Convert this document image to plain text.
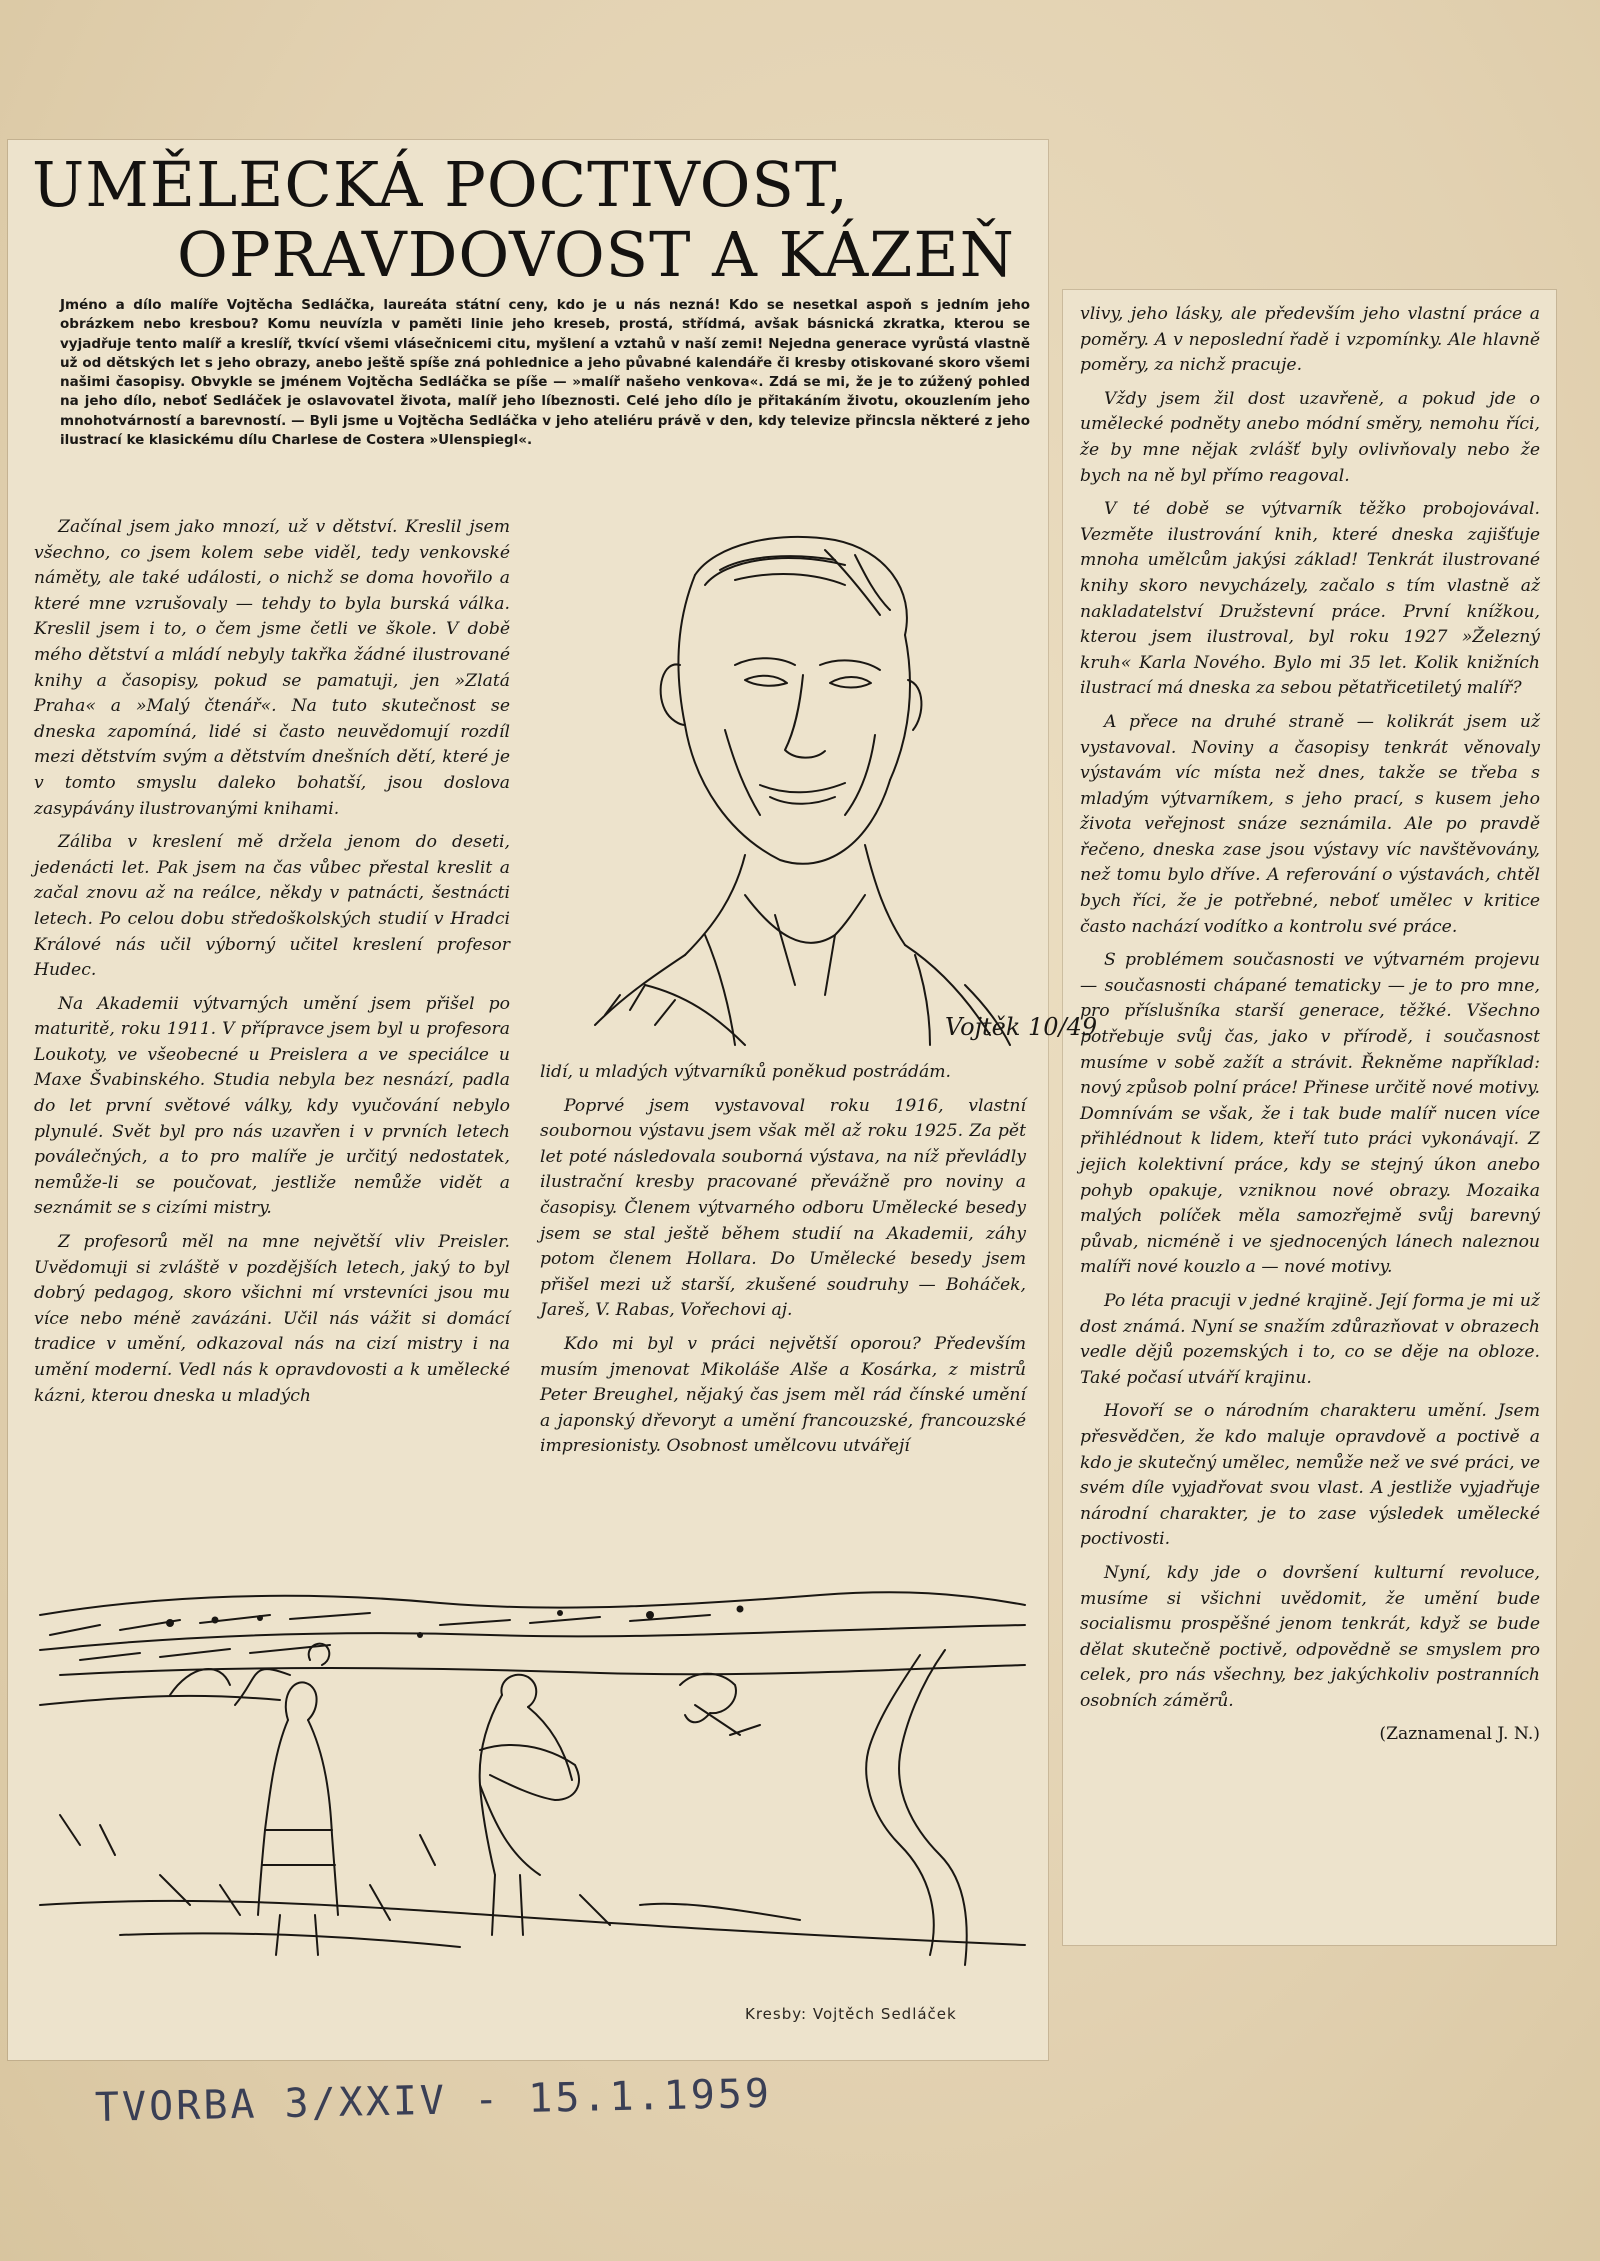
UMĚLECKÁ POCTIVOST,
OPRAVDOVOST A KÁZEŇ

Jméno a dílo malíře Vojtěcha Sedláčka, laureáta státní ceny, kdo je u nás nezná! Kdo se nesetkal aspoň s jedním jeho obrázkem nebo kresbou? Komu neuvízla v paměti linie jeho kreseb, prostá, střídmá, avšak básnická zkratka, kterou se vyjadřuje tento malíř a kreslíř, tkvící všemi vlásečnicemi citu, myšlení a vztahů v naší zemi! Nejedna generace vyrůstá vlastně už od dětských let s jeho obrazy, anebo ještě spíše zná pohlednice a jeho půvabné kalendáře či kresby otiskované skoro všemi našimi časopisy. Obvykle se jménem Vojtěcha Sedláčka se píše — »malíř našeho venkova«. Zdá se mi, že je to zúžený pohled na jeho dílo, neboť Sedláček je oslavovatel života, malíř jeho líbeznosti. Celé jeho dílo je přitakáním životu, okouzlením jeho mnohotvárností a barevností. — Byli jsme u Vojtěcha Sedláčka v jeho ateliéru právě v den, kdy televize přincsla některé z jeho ilustrací ke klasickému dílu Charlese de Costera »Ulenspiegl«.

Vojtěk 10/49

Začínal jsem jako mnozí, už v dětství. Kreslil jsem všechno, co jsem kolem sebe viděl, tedy venkovské náměty, ale také události, o nichž se doma hovořilo a které mne vzrušovaly — tehdy to byla burská válka. Kreslil jsem i to, o čem jsme četli ve škole. V době mého dětství a mládí nebyly takřka žádné ilustrované knihy a časopisy, pokud se pamatuji, jen »Zlatá Praha« a »Malý čtenář«. Na tuto skutečnost se dneska zapomíná, lidé si často neuvědomují rozdíl mezi dětstvím svým a dětstvím dnešních dětí, které je v tomto smyslu daleko bohatší, jsou doslova zasypávány ilustrovanými knihami.

Záliba v kreslení mě držela jenom do deseti, jedenácti let. Pak jsem na čas vůbec přestal kreslit a začal znovu až na reálce, někdy v patnácti, šestnácti letech. Po celou dobu středoškolských studií v Hradci Králové nás učil výborný učitel kreslení profesor Hudec.

Na Akademii výtvarných umění jsem přišel po maturitě, roku 1911. V přípravce jsem byl u profesora Loukoty, ve všeobecné u Preislera a ve speciálce u Maxe Švabinského. Studia nebyla bez nesnází, padla do let první světové války, kdy vyučování nebylo plynulé. Svět byl pro nás uzavřen i v prvních letech poválečných, a to pro malíře je určitý nedostatek, nemůže-li se poučovat, jestliže nemůže vidět a seznámit se s cizími mistry.

Z profesorů měl na mne největší vliv Preisler. Uvědomuji si zvláště v pozdějších letech, jaký to byl dobrý pedagog, skoro všichni mí vrstevníci jsou mu více nebo méně zavázáni. Učil nás vážit si domácí tradice v umění, odkazoval nás na cizí mistry i na umění moderní. Vedl nás k opravdovosti a k umělecké kázni, kterou dneska u mladých

lidí, u mladých výtvarníků poněkud postrádám.

Poprvé jsem vystavoval roku 1916, vlastní soubornou výstavu jsem však měl až roku 1925. Za pět let poté následovala souborná výstava, na níž převládly ilustrační kresby pracované převážně pro noviny a časopisy. Členem výtvarného odboru Umělecké besedy jsem se stal ještě během studií na Akademii, záhy potom členem Hollara. Do Umělecké besedy jsem přišel mezi už starší, zkušené soudruhy — Boháček, Jareš, V. Rabas, Vořechovi aj.

Kdo mi byl v práci největší oporou? Především musím jmenovat Mikoláše Alše a Kosárka, z mistrů Peter Breughel, nějaký čas jsem měl rád čínské umění a japonský dřevoryt a umění francouzské, francouzské impresionisty. Osobnost umělcovu utvářejí

vlivy, jeho lásky, ale především jeho vlastní práce a poměry. A v neposlední řadě i vzpomínky. Ale hlavně poměry, za nichž pracuje.

Vždy jsem žil dost uzavřeně, a pokud jde o umělecké podněty anebo módní směry, nemohu říci, že by mne nějak zvlášť byly ovlivňovaly nebo že bych na ně byl přímo reagoval.

V té době se výtvarník těžko probojovával. Vezměte ilustrování knih, které dneska zajišťuje mnoha umělcům jakýsi základ! Tenkrát ilustrované knihy skoro nevycházely, začalo s tím vlastně až nakladatelství Družstevní práce. První knížkou, kterou jsem ilustroval, byl roku 1927 »Železný kruh« Karla Nového. Bylo mi 35 let. Kolik knižních ilustrací má dneska za sebou pětatřicetiletý malíř?

A přece na druhé straně — kolikrát jsem už vystavoval. Noviny a časopisy tenkrát věnovaly výstavám víc místa než dnes, takže se třeba s mladým výtvarníkem, s jeho prací, s kusem jeho života veřejnost snáze seznámila. Ale po pravdě řečeno, dneska zase jsou výstavy víc navštěvovány, než tomu bylo dříve. A referování o výstavách, chtěl bych říci, že je potřebné, neboť umělec v kritice často nachází vodítko a kontrolu své práce.

S problémem současnosti ve výtvarném projevu — současnosti chápané tematicky — je to pro mne, pro příslušníka starší generace, těžké. Všechno potřebuje svůj čas, jako v přírodě, i současnost musíme v sobě zažít a strávit. Řekněme například: nový způsob polní práce! Přinese určitě nové motivy. Domnívám se však, že i tak bude malíř nucen více přihlédnout k lidem, kteří tuto práci vykonávají. Z jejich kolektivní práce, kdy se stejný úkon anebo pohyb opakuje, vzniknou nové obrazy. Mozaika malých políček měla samozřejmě svůj barevný půvab, nicméně i ve sjednocených lánech naleznou malíři nové kouzlo a — nové motivy.

Po léta pracuji v jedné krajině. Její forma je mi už dost známá. Nyní se snažím zdůrazňovat v obrazech vedle dějů pozemských i to, co se děje na obloze. Také počasí utváří krajinu.

Hovoří se o národním charakteru umění. Jsem přesvědčen, že kdo maluje opravdově a poctivě a kdo je skutečný umělec, nemůže než ve své práci, ve svém díle vyjadřovat svou vlast. A jestliže vyjadřuje národní charakter, je to zase výsledek umělecké poctivosti.

Nyní, kdy jde o dovršení kulturní revoluce, musíme si všichni uvědomit, že umění bude socialismu prospěšné jenom tenkrát, když se bude dělat skutečně poctivě, odpovědně se smyslem pro celek, pro nás všechny, bez jakýchkoliv postranních osobních záměrů.

(Zaznamenal J. N.)

Kresby: Vojtěch Sedláček
TVORBA 3/XXIV - 15.1.1959
